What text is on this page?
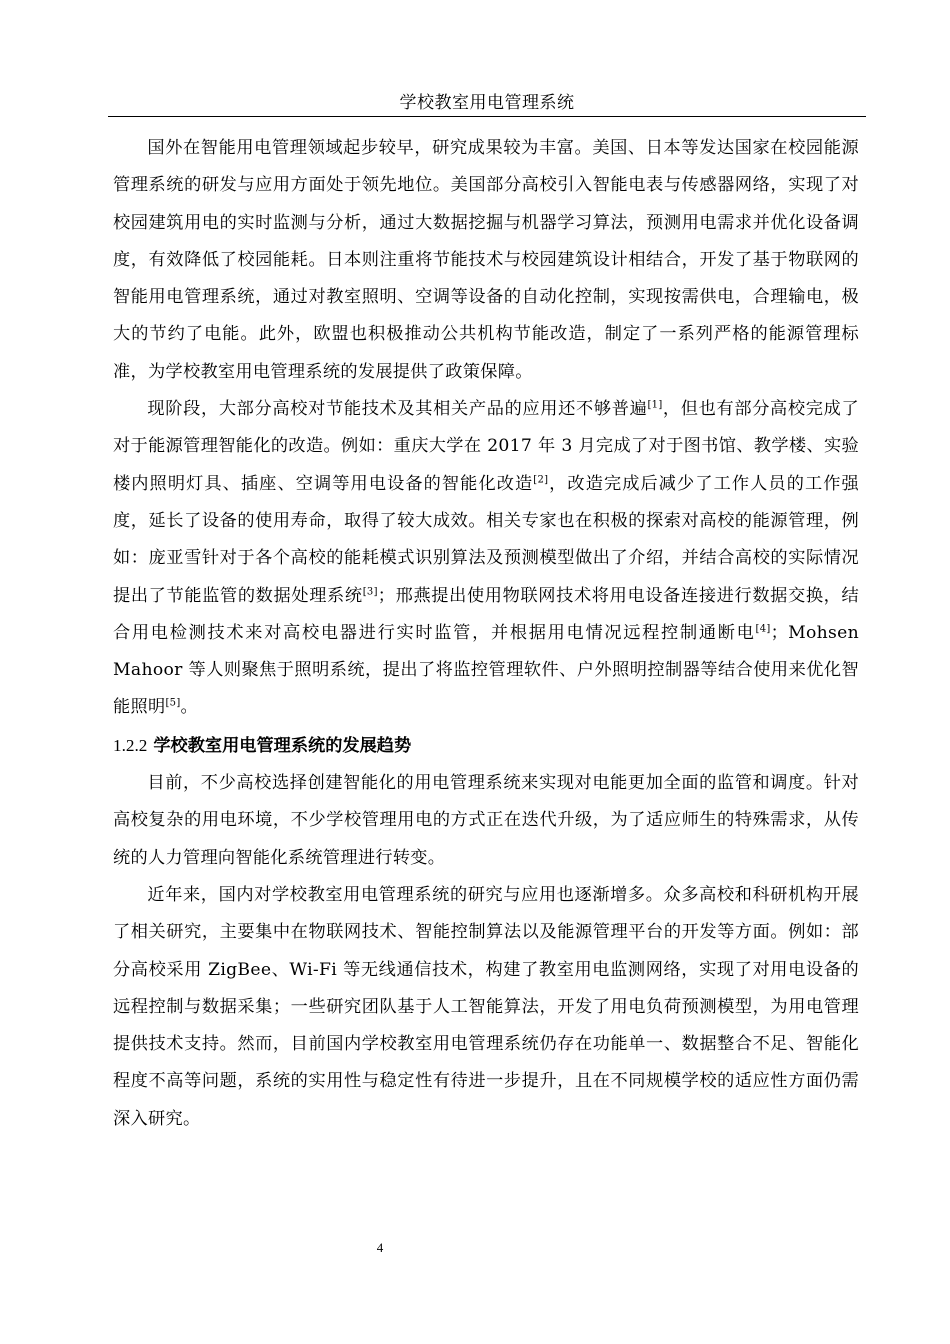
学校教室用电管理系统

国外在智能用电管理领域起步较早，研究成果较为丰富。美国、日本等发达国家在校园能源管理系统的研发与应用方面处于领先地位。美国部分高校引入智能电表与传感器网络，实现了对校园建筑用电的实时监测与分析，通过大数据挖掘与机器学习算法，预测用电需求并优化设备调度，有效降低了校园能耗。日本则注重将节能技术与校园建筑设计相结合，开发了基于物联网的智能用电管理系统，通过对教室照明、空调等设备的自动化控制，实现按需供电，合理输电，极大的节约了电能。此外，欧盟也积极推动公共机构节能改造，制定了一系列严格的能源管理标准，为学校教室用电管理系统的发展提供了政策保障。

现阶段，大部分高校对节能技术及其相关产品的应用还不够普遍[1]，但也有部分高校完成了对于能源管理智能化的改造。例如：重庆大学在 2017 年 3 月完成了对于图书馆、教学楼、实验楼内照明灯具、插座、空调等用电设备的智能化改造[2]，改造完成后减少了工作人员的工作强度，延长了设备的使用寿命，取得了较大成效。相关专家也在积极的探索对高校的能源管理，例如：庞亚雪针对于各个高校的能耗模式识别算法及预测模型做出了介绍，并结合高校的实际情况提出了节能监管的数据处理系统[3]；邢燕提出使用物联网技术将用电设备连接进行数据交换，结合用电检测技术来对高校电器进行实时监管，并根据用电情况远程控制通断电[4]；Mohsen Mahoor 等人则聚焦于照明系统，提出了将监控管理软件、户外照明控制器等结合使用来优化智能照明[5]。

1.2.2 学校教室用电管理系统的发展趋势

目前，不少高校选择创建智能化的用电管理系统来实现对电能更加全面的监管和调度。针对高校复杂的用电环境，不少学校管理用电的方式正在迭代升级，为了适应师生的特殊需求，从传统的人力管理向智能化系统管理进行转变。

近年来，国内对学校教室用电管理系统的研究与应用也逐渐增多。众多高校和科研机构开展了相关研究，主要集中在物联网技术、智能控制算法以及能源管理平台的开发等方面。例如：部分高校采用 ZigBee、Wi-Fi 等无线通信技术，构建了教室用电监测网络，实现了对用电设备的远程控制与数据采集；一些研究团队基于人工智能算法，开发了用电负荷预测模型，为用电管理提供技术支持。然而，目前国内学校教室用电管理系统仍存在功能单一、数据整合不足、智能化程度不高等问题，系统的实用性与稳定性有待进一步提升，且在不同规模学校的适应性方面仍需深入研究。

4
